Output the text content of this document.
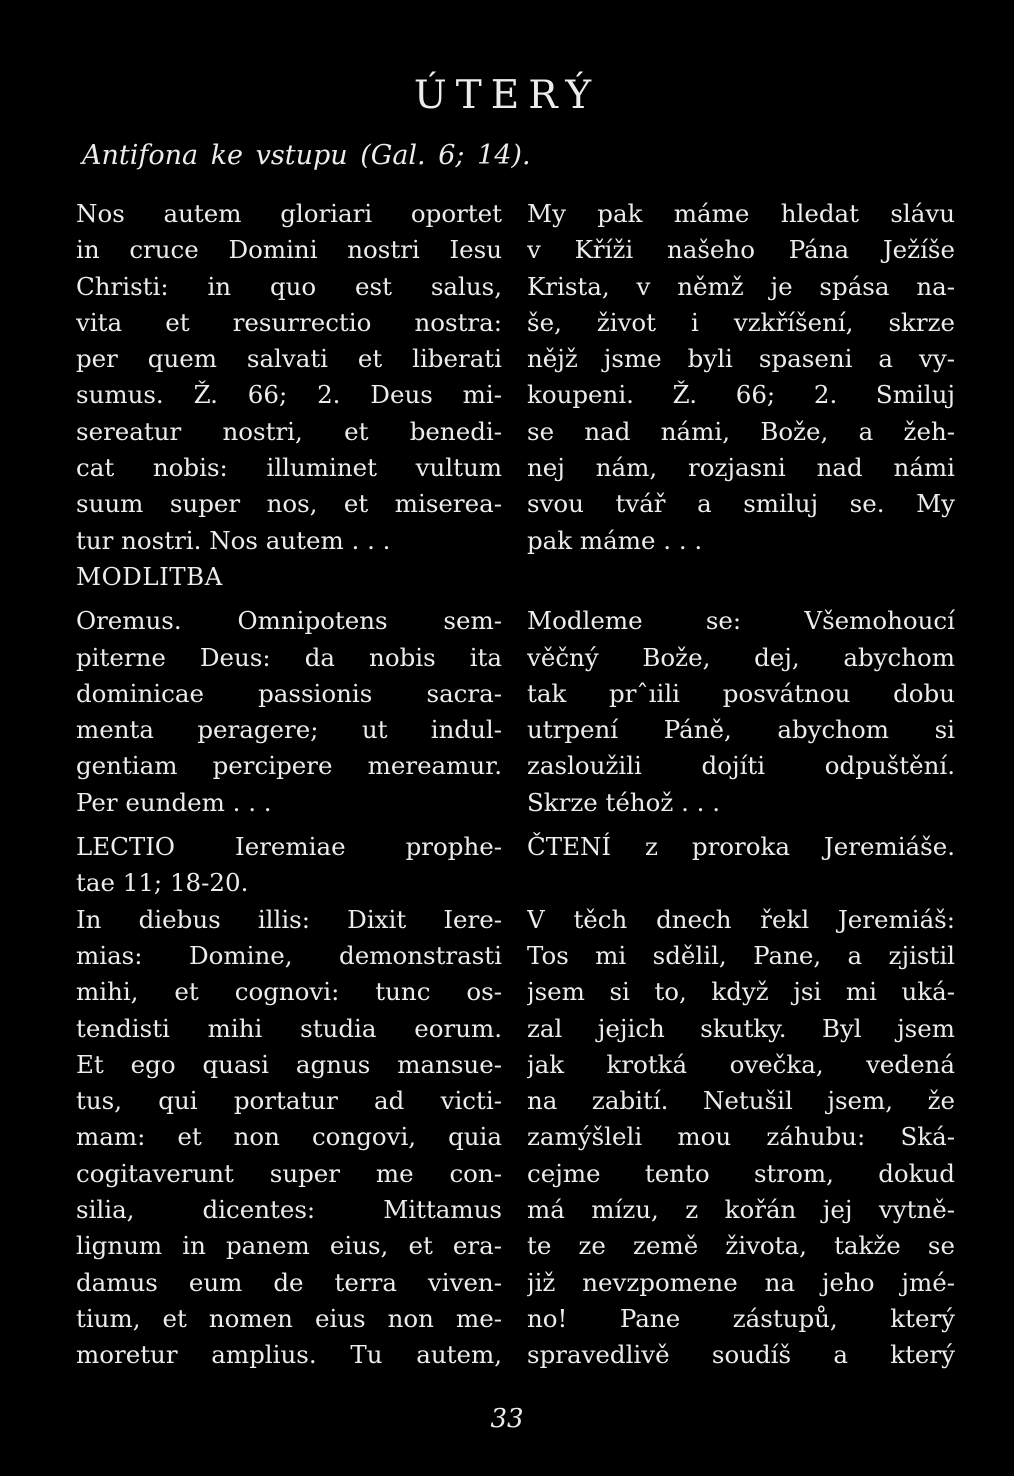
ÚTERÝ
Antifona ke vstupu (Gal. 6; 14).
Nos autem gloriari oportet
in cruce Domini nostri Iesu
Christi: in quo est salus,
vita et resurrectio nostra:
per quem salvati et liberati
sumus. Ž. 66; 2. Deus mi-
sereatur nostri, et benedi-
cat nobis: illuminet vultum
suum super nos, et miserea-
tur nostri. Nos autem . . .
MODLITBA
Oremus. Omnipotens sem-
piterne Deus: da nobis ita
dominicae passionis sacra-
menta peragere; ut indul-
gentiam percipere mereamur.
Per eundem . . .
LECTIO Ieremiae prophe-
tae 11; 18-20.
In diebus illis: Dixit Iere-
mias: Domine, demonstrasti
mihi, et cognovi: tunc os-
tendisti mihi studia eorum.
Et ego quasi agnus mansue-
tus, qui portatur ad victi-
mam: et non congovi, quia
cogitaverunt super me con-
silia, dicentes: Mittamus
lignum in panem eius, et era-
damus eum de terra viven-
tium, et nomen eius non me-
moretur amplius. Tu autem,
My pak máme hledat slávu
v Kříži našeho Pána Ježíše
Krista, v němž je spása na-
še, život i vzkříšení, skrze
nějž jsme byli spaseni a vy-
koupeni. Ž. 66; 2. Smiluj
se nad námi, Bože, a žeh-
nej nám, rozjasni nad námi
svou tvář a smiluj se. My
pak máme . . .
Modleme se: Všemohoucí
věčný Bože, dej, abychom
tak prˆıili posvátnou dobu
utrpení Páně, abychom si
zasloužili dojíti odpuštění.
Skrze téhož . . .
ČTENÍ z proroka Jeremiáše.
V těch dnech řekl Jeremiáš:
Tos mi sdělil, Pane, a zjistil
jsem si to, když jsi mi uká-
zal jejich skutky. Byl jsem
jak krotká ovečka, vedená
na zabití. Netušil jsem, že
zamýšleli mou záhubu: Ská-
cejme tento strom, dokud
má mízu, z kořán jej vytně-
te ze země života, takže se
již nevzpomene na jeho jmé-
no! Pane zástupů, který
spravedlivě soudíš a který
33
